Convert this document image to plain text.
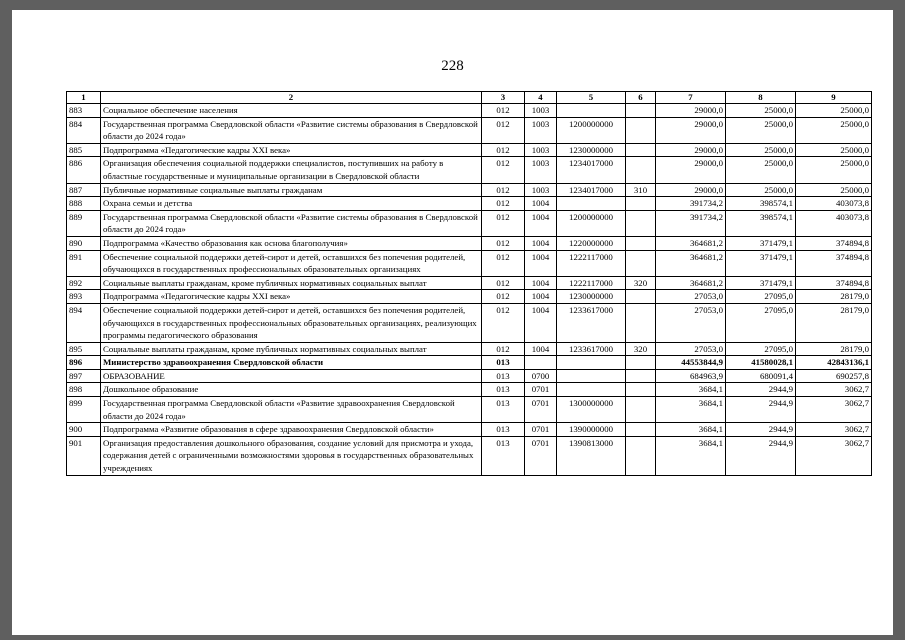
228
1	2	3	4	5	6	7	8	9
883	Социальное обеспечение населения	012	1003			29000,0	25000,0	25000,0
884	Государственная программа Свердловской области «Развитие системы образования в Свердловской области до 2024 года»	012	1003	1200000000		29000,0	25000,0	25000,0
885	Подпрограмма «Педагогические кадры XXI века»	012	1003	1230000000		29000,0	25000,0	25000,0
886	Организация обеспечения социальной поддержки специалистов, поступивших на работу в областные государственные и муниципальные организации в Свердловской области	012	1003	1234017000		29000,0	25000,0	25000,0
887	Публичные нормативные социальные выплаты гражданам	012	1003	1234017000	310	29000,0	25000,0	25000,0
888	Охрана семьи и детства	012	1004			391734,2	398574,1	403073,8
889	Государственная программа Свердловской области «Развитие системы образования в Свердловской области до 2024 года»	012	1004	1200000000		391734,2	398574,1	403073,8
890	Подпрограмма «Качество образования как основа благополучия»	012	1004	1220000000		364681,2	371479,1	374894,8
891	Обеспечение социальной поддержки детей-сирот и детей, оставшихся без попечения родителей, обучающихся в государственных профессиональных образовательных организациях	012	1004	1222117000		364681,2	371479,1	374894,8
892	Социальные выплаты гражданам, кроме публичных нормативных социальных выплат	012	1004	1222117000	320	364681,2	371479,1	374894,8
893	Подпрограмма «Педагогические кадры XXI века»	012	1004	1230000000		27053,0	27095,0	28179,0
894	Обеспечение социальной поддержки детей-сирот и детей, оставшихся без попечения родителей, обучающихся в государственных профессиональных образовательных организациях, реализующих программы педагогического образования	012	1004	1233617000		27053,0	27095,0	28179,0
895	Социальные выплаты гражданам, кроме публичных нормативных социальных выплат	012	1004	1233617000	320	27053,0	27095,0	28179,0
896	Министерство здравоохранения Свердловской области	013				44553844,9	41580028,1	42843136,1
897	ОБРАЗОВАНИЕ	013	0700			684963,9	680091,4	690257,8
898	Дошкольное образование	013	0701			3684,1	2944,9	3062,7
899	Государственная программа Свердловской области «Развитие здравоохранения Свердловской области до 2024 года»	013	0701	1300000000		3684,1	2944,9	3062,7
900	Подпрограмма «Развитие образования в сфере здравоохранения Свердловской области»	013	0701	1390000000		3684,1	2944,9	3062,7
901	Организация предоставления дошкольного образования, создание условий для присмотра и ухода, содержания детей с ограниченными возможностями здоровья в государственных образовательных учреждениях	013	0701	1390813000		3684,1	2944,9	3062,7
